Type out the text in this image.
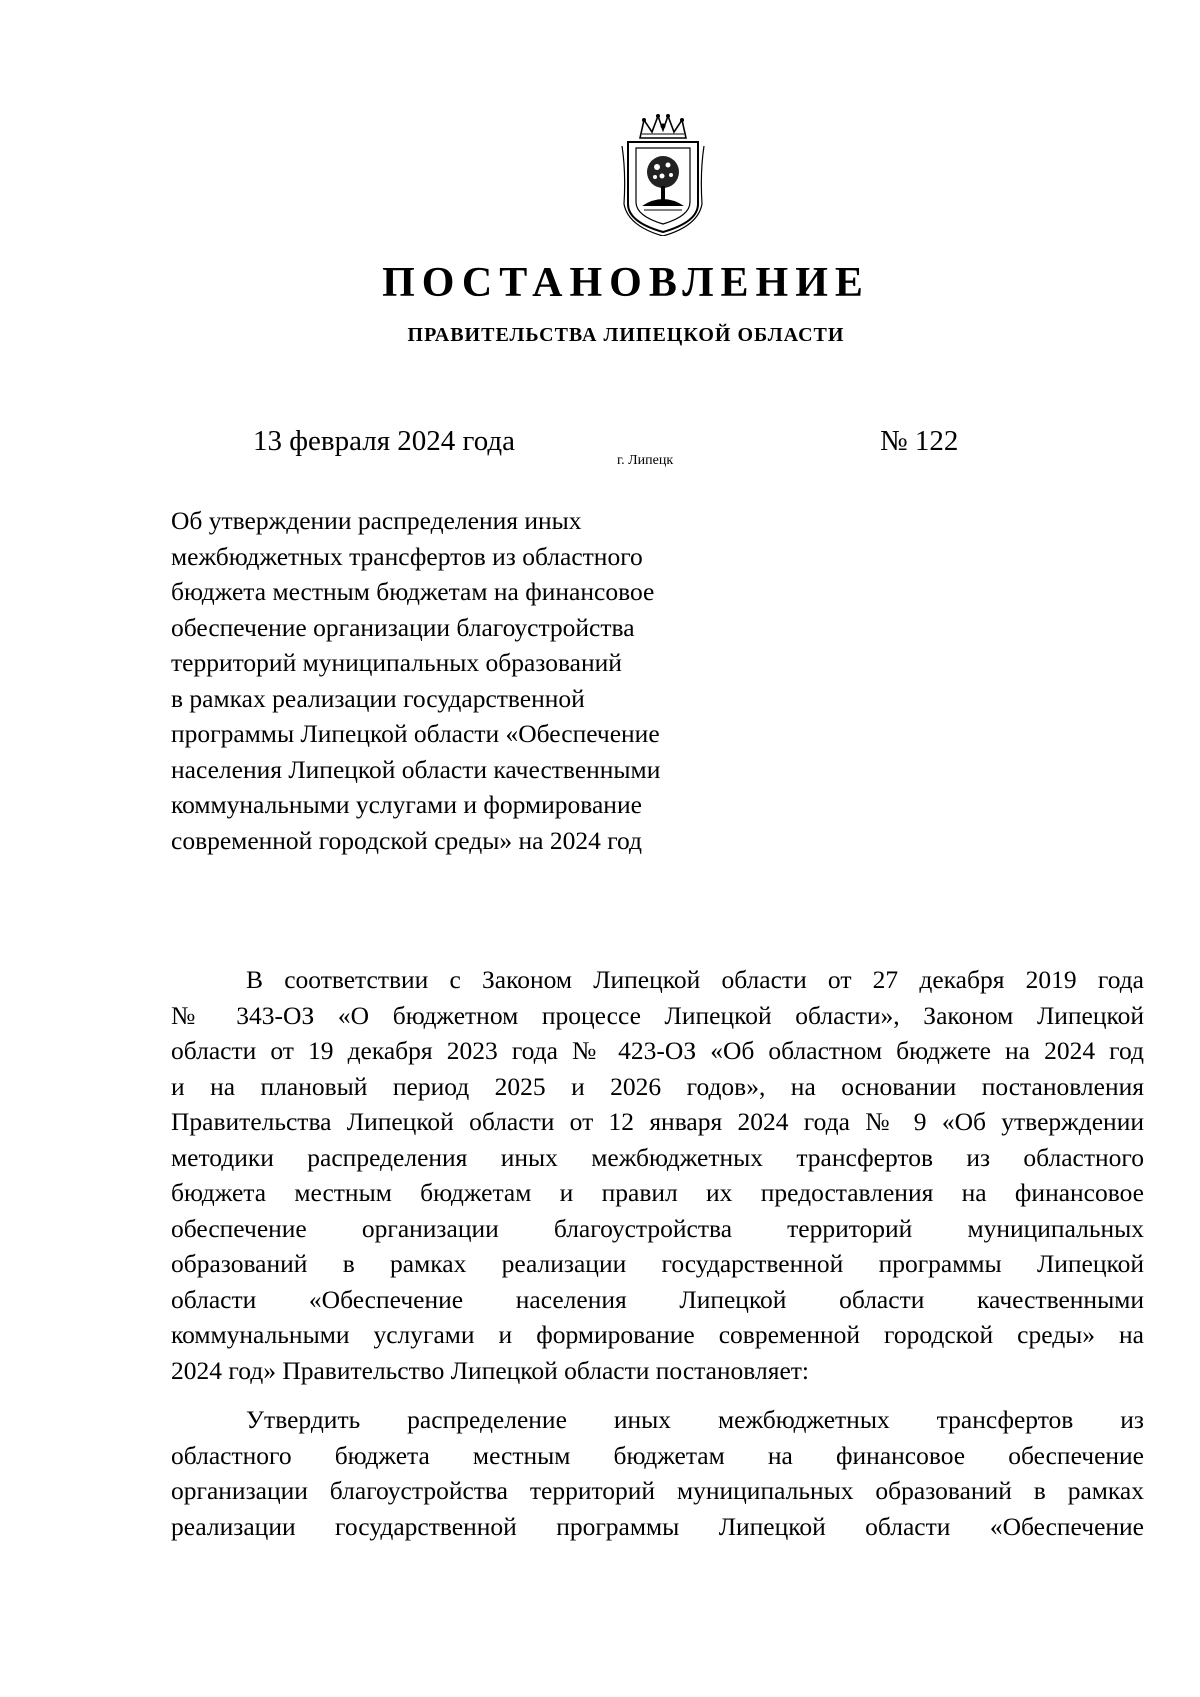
ПОСТАНОВЛЕНИЕ
ПРАВИТЕЛЬСТВА ЛИПЕЦКОЙ ОБЛАСТИ
13 февраля 2024 года
г. Липецк
№ 122
Об утверждении распределения иных
межбюджетных трансфертов из областного
бюджета местным бюджетам на финансовое
обеспечение организации благоустройства
территорий муниципальных образований
в рамках реализации государственной
программы Липецкой области «Обеспечение
населения Липецкой области качественными
коммунальными услугами и формирование
современной городской среды» на 2024 год
В соответствии с Законом Липецкой области от 27 декабря 2019 года
№ 343-ОЗ «О бюджетном процессе Липецкой области», Законом Липецкой
области от 19 декабря 2023 года № 423-ОЗ «Об областном бюджете на 2024 год
и на плановый период 2025 и 2026 годов», на основании постановления
Правительства Липецкой области от 12 января 2024 года № 9 «Об утверждении
методики распределения иных межбюджетных трансфертов из областного
бюджета местным бюджетам и правил их предоставления на финансовое
обеспечение организации благоустройства территорий муниципальных
образований в рамках реализации государственной программы Липецкой
области «Обеспечение населения Липецкой области качественными
коммунальными услугами и формирование современной городской среды» на
2024 год» Правительство Липецкой области постановляет:
Утвердить распределение иных межбюджетных трансфертов из
областного бюджета местным бюджетам на финансовое обеспечение
организации благоустройства территорий муниципальных образований в рамках
реализации государственной программы Липецкой области «Обеспечение
